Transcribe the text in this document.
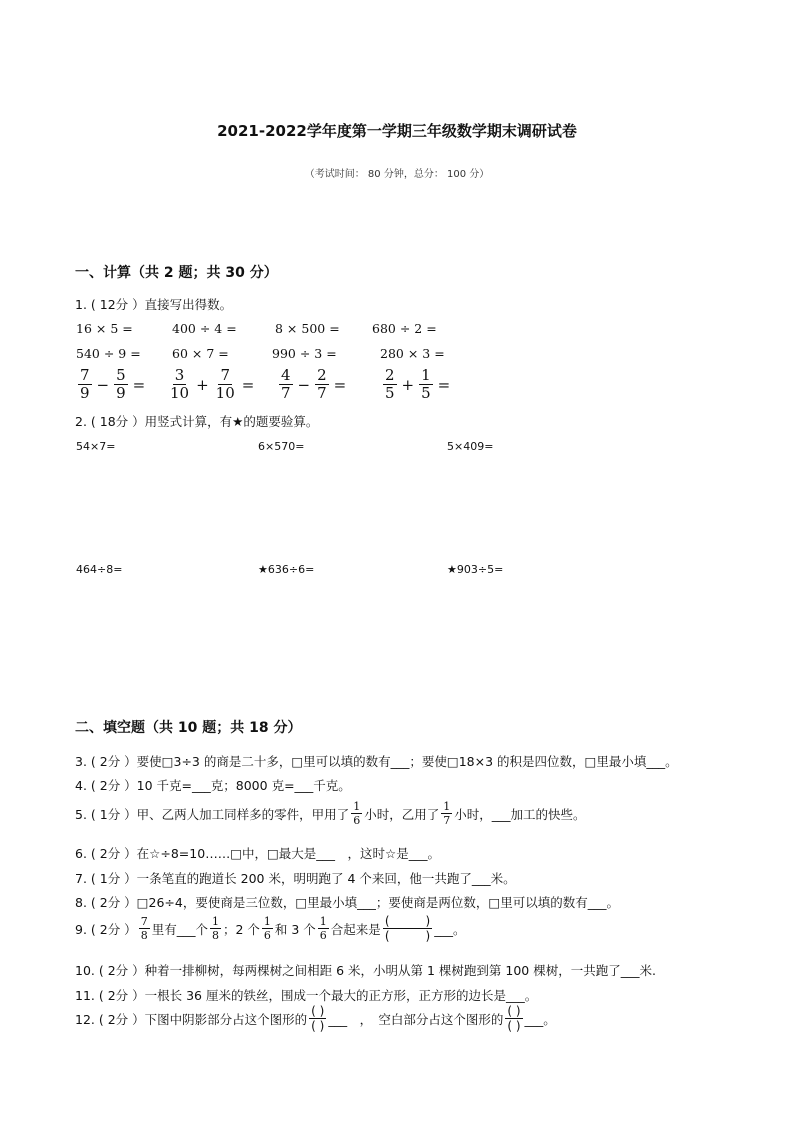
2021-2022学年度第一学期三年级数学期末调研试卷
（考试时间： 80 分钟，总分： 100 分）
一、计算（共 2 题；共 30 分）
1. ( 12分 ）直接写出得数。
16 × 5 =	400 ÷ 4 =	8 × 500 =	680 ÷ 2 =
540 ÷ 9 =	60 × 7 =	990 ÷ 3 =	280 × 3 =
$\frac{7}{9} - \frac{5}{9} = \frac{3}{10} + \frac{7}{10} = \frac{4}{7} - \frac{2}{7} = \frac{2}{5} + \frac{1}{5}$ =
2. ( 18分 ）用竖式计算，有★的题要验算。
54×7=	6×570=	5×409=
464÷8=	★636÷6=	★903÷5=
二、填空题（共 10 题；共 18 分）
3. ( 2分 ）要使□3÷3 的商是二十多，□里可以填的数有___；要使□18×3 的积是四位数，□里最小填___。
4. ( 2分 ）10 千克=___克；8000 克=___千克。
5. ( 1分 ）甲、乙两人加工同样多的零件，甲用了 $\frac{1}{6}$ 小时，乙用了 $\frac{1}{7}$ 小时，___加工的快些。
6. ( 2分 ）在☆÷8=10……□中，□最大是___　，这时☆是___。
7. ( 1分 ）一条笔直的跑道长 200 米，明明跑了 4 个来回，他一共跑了___米。
8. ( 2分 ）□26÷4，要使商是三位数，□里最小填___；要使商是两位数，□里可以填的数有___。
9. ( 2分 ） $\frac{7}{8}$ 里有___个 $\frac{1}{8}$ ；2 个 $\frac{1}{6}$ 和 3 个 $\frac{1}{6}$ 合起来是 $\frac{( )}{( )}$ ___。
10. ( 2分 ）种着一排柳树，每两棵树之间相距 6 米，小明从第 1 棵树跑到第 100 棵树，一共跑了___米.
11. ( 2分 ）一根长 36 厘米的铁丝，围成一个最大的正方形，正方形的边长是___。
12. ( 2分 ）下图中阴影部分占这个图形的 $\frac{( )}{( )}$ ___　，　空白部分占这个图形的 $\frac{( )}{( )}$ ___。
